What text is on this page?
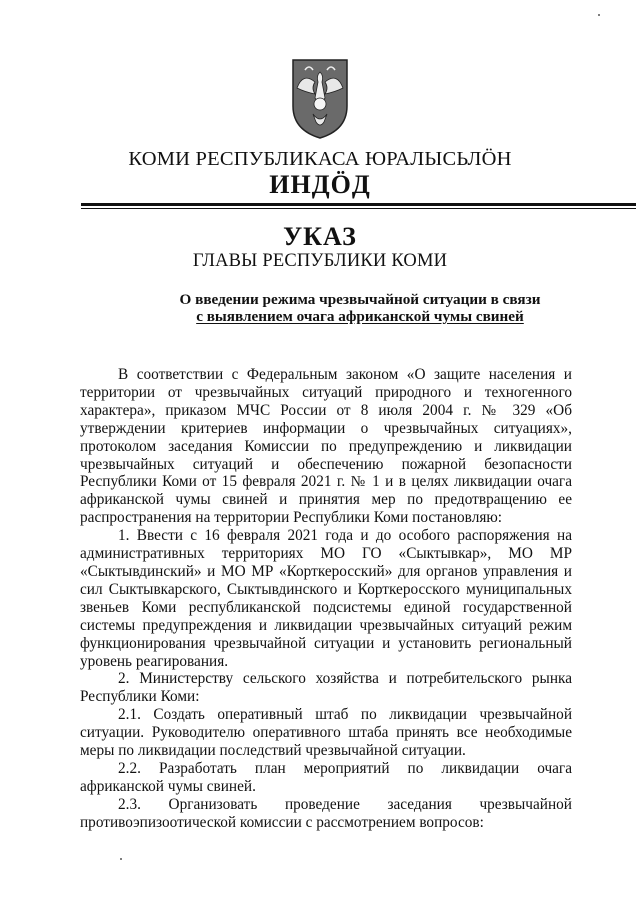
КОМИ РЕСПУБЛИКАСА ЮРАЛЫСЬЛӦН
ИНДӦД
УКАЗ
ГЛАВЫ РЕСПУБЛИКИ КОМИ
О введении режима чрезвычайной ситуации в связи
с выявлением очага африканской чумы свиней

В соответствии с Федеральным законом «О защите населения и территории от чрезвычайных ситуаций природного и техногенного характера», приказом МЧС России от 8 июля 2004 г. № 329 «Об утверждении критериев информации о чрезвычайных ситуациях», протоколом заседания Комиссии по предупреждению и ликвидации чрезвычайных ситуаций и обеспечению пожарной безопасности Республики Коми от 15 февраля 2021 г. № 1 и в целях ликвидации очага африканской чумы свиней и принятия мер по предотвращению ее распространения на территории Республики Коми постановляю:

1. Ввести с 16 февраля 2021 года и до особого распоряжения на административных территориях МО ГО «Сыктывкар», МО МР «Сыктывдинский» и МО МР «Корткеросский» для органов управления и сил Сыктывкарского, Сыктывдинского и Корткеросского муниципальных звеньев Коми республиканской подсистемы единой государственной системы предупреждения и ликвидации чрезвычайных ситуаций режим функционирования чрезвычайной ситуации и установить региональный уровень реагирования.

2. Министерству сельского хозяйства и потребительского рынка Республики Коми:

2.1. Создать оперативный штаб по ликвидации чрезвычайной ситуации. Руководителю оперативного штаба принять все необходимые меры по ликвидации последствий чрезвычайной ситуации.

2.2. Разработать план мероприятий по ликвидации очага африканской чумы свиней.

2.3. Организовать проведение заседания чрезвычайной противоэпизоотической комиссии с рассмотрением вопросов:
